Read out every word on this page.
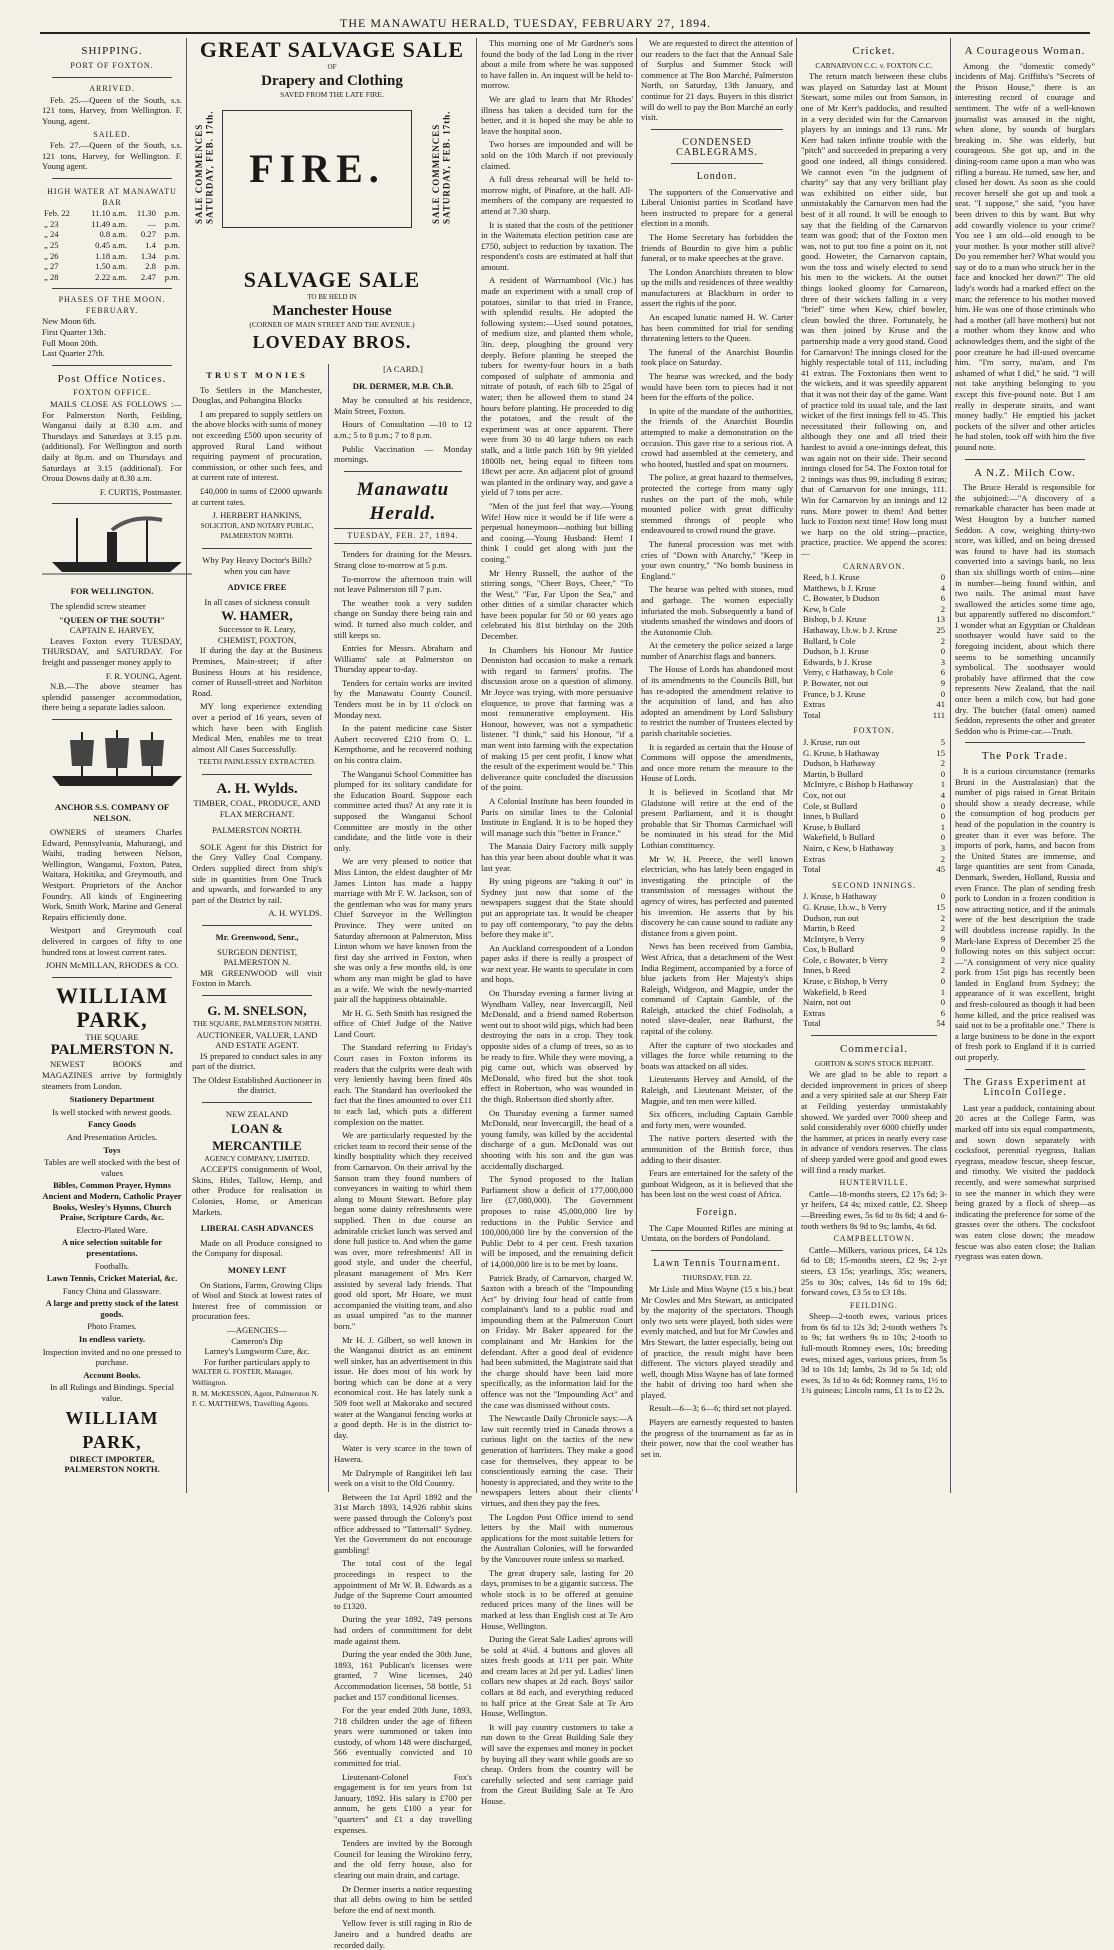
THE MANAWATU HERALD, TUESDAY, FEBRUARY 27, 1894.
SHIPPING.
PORT OF FOXTON.
ARRIVED.

Feb. 25.—Queen of the South, s.s. 121 tons, Harvey, from Wellington. F. Young, agent.

SAILED.

Feb. 27.—Queen of the South, s.s. 121 tons, Harvey, for Wellington. F. Young agent.

HIGH WATER AT MANAWATU BAR
Feb. 22	11.10 a.m.	11.30	p.m.
„ 23	11.49 a.m.	—	p.m.
„ 24	0.8 a.m.	0.27	p.m.
„ 25	0.45 a.m.	1.4	p.m.
„ 26	1.18 a.m.	1.34	p.m.
„ 27	1.50 a.m.	2.8	p.m.
„ 28	2.22 a.m.	2.47	p.m.
PHASES OF THE MOON.
FEBRUARY.
New Moon 6th.
First Quarter 13th.
Full Moon 20th.
Last Quarter 27th.
Post Office Notices.
FOXTON OFFICE.

MAILS CLOSE AS FOLLOWS :— For Palmerston North, Feilding, Wanganui daily at 8.30 a.m. and Thursdays and Saturdays at 3.15 p.m. (additional). For Wellington and north daily at 8p.m. and on Thursdays and Saturdays at 3.15 (additional). For Oroua Downs daily at 8.30 a.m.

F. CURTIS, Postmaster.
FOR WELLINGTON.

The splendid screw steamer

"QUEEN OF THE SOUTH"
CAPTAIN E. HARVEY,

Leaves Foxton every TUESDAY, THURSDAY, and SATURDAY. For freight and passenger money apply to

F. R. YOUNG, Agent.

N.B.—The above steamer has splendid passenger accommodation, there being a separate ladies saloon.

ANCHOR S.S. COMPANY OF NELSON.

OWNERS of steamers Charles Edward, Pennsylvania, Mahurangi, and Waihi, trading between Nelson, Wellington, Wanganui, Foxton, Patea, Waitara, Hokitika, and Greymouth, and Westport. Proprietors of the Anchor Foundry. All kinds of Engineering Work, Smith Work, Marine and General Repairs efficiently done.

Westport and Greymouth coal delivered in cargoes of fifty to one hundred tons at lowest current rates.

JOHN McMILLAN, RHODES & CO.
WILLIAM PARK,
THE SQUARE
PALMERSTON N.

NEWEST BOOKS and MAGAZINES arrive by fortnightly steamers from London.

Stationery Department
Is well stocked with newest goods.
Fancy Goods
And Presentation Articles.
Toys
Tables are well stocked with the best of values
Bibles, Common Prayer, Hymns Ancient and Modern, Catholic Prayer Books, Wesley's Hymns, Church Praise, Scripture Cards, &c.
Electro-Plated Ware.
A nice selection suitable for presentations.
Footballs.
Lawn Tennis, Cricket Material, &c.
Fancy China and Glassware.
A large and pretty stock of the latest goods.
Photo Frames.
In endless variety.
Inspection invited and no one pressed to purchase.
Account Books.
In all Rulings and Bindings. Special value.
WILLIAM PARK,
DIRECT IMPORTER,
PALMERSTON NORTH.
GREAT SALVAGE SALE
OF
Drapery and Clothing
SAVED FROM THE LATE FIRE.
SALE COMMENCES SATURDAY, FEB. 17th. FIRE.	SALE COMMENCES SATURDAY, FEB. 17th.
SALVAGE SALE
TO BE HELD IN
Manchester House
(CORNER OF MAIN STREET AND THE AVENUE.)
LOVEDAY BROS.
TRUST MONIES

To Settlers in the Manchester, Douglas, and Pohangina Blocks

I am prepared to supply settlers on the above blocks with sums of money not exceeding £500 upon security of approved Rural Land without requiring payment of procuration, commission, or other such fees, and at current rate of interest.

£40,000 in sums of £2000 upwards at current rates.

J. HERBERT HANKINS,
SOLICITOR, AND NOTARY PUBLIC,
PALMERSTON NORTH.
Why Pay Heavy Doctor's Bills? when you can have
ADVICE FREE
In all cases of sickness consult
W. HAMER,
Successor to R. Leary,
CHEMIST, FOXTON,

If during the day at the Business Premises, Main-street; if after Business Hours at his residence, corner of Russell-street and Norbiton Road.

MY long experience extending over a period of 16 years, seven of which have been with English Medical Men, enables me to treat almost All Cases Successfully.

TEETH PAINLESSLY EXTRACTED.
A. H. Wylds.
TIMBER, COAL, PRODUCE, AND FLAX MERCHANT.
PALMERSTON NORTH.

SOLE Agent for this District for the Grey Valley Coal Company. Orders supplied direct from ship's side in quantities from One Truck and upwards, and forwarded to any part of the District by rail.

A. H. WYLDS.
Mr. Greenwood, Senr.,
SURGEON DENTIST,
PALMERSTON N.

MR GREENWOOD will visit Foxton in March.

G. M. SNELSON,
THE SQUARE, PALMERSTON NORTH.
AUCTIONEER, VALUER, LAND AND ESTATE AGENT.

IS prepared to conduct sales in any part of the district.

The Oldest Established Auctioneer in the district.
NEW ZEALAND
LOAN & MERCANTILE
AGENCY COMPANY, LIMITED.

ACCEPTS consignments of Wool, Skins, Hides, Tallow, Hemp, and other Produce for realisation in Colonies, Home, or American Markets.

LIBERAL CASH ADVANCES

Made on all Produce consigned to the Company for disposal.

MONEY LENT

On Stations, Farms, Growing Clips of Wool and Stock at lowest rates of Interest free of commission or procuration fees.

—AGENCIES—
Cameron's Dip
Larney's Lungworm Cure, &c.
For further particulars apply to
WALTER G. FOSTER, Manager, Wellington.
R. M. McKESSON, Agent, Palmerston N.
F. C. MATTHEWS, Travelling Agents.
[A CARD.]
DR. DERMER, M.B. Ch.B.

May be consulted at his residence, Main Street, Foxton.

Hours of Consultation —10 to 12 a.m.; 5 to 8 p.m.; 7 to 8 p.m.

Public Vaccination — Monday mornings.

Manawatu Herald.
TUESDAY, FEB. 27, 1894.

Tenders for draining for the Messrs. Strang close to-morrow at 5 p.m.

To-morrow the afternoon train will not leave Palmerston till 7 p.m.

The weather took a very sudden change on Sunday there being rain and wind. It turned also much colder, and still keeps so.

Entries for Messrs. Abraham and Williams' sale at Palmerston on Thursday appear to-day.

Tenders for certain works are invited by the Manawatu County Council. Tenders must be in by 11 o'clock on Monday next.

In the patent medicine case Sister Aubert recovered £210 from O. L. Kempthorne, and he recovered nothing on his contra claim.

The Wanganui School Committee has plumped for its solitary candidate for the Education Board. Suppose each committee acted thus? At any rate it is supposed the Wanganui School Committee are mostly in the other candidate, and the little vote is their only.

We are very pleased to notice that Miss Linton, the eldest daughter of Mr James Linton has made a happy marriage with Mr F. W. Jackson, son of the gentleman who was for many years Chief Surveyor in the Wellington Province. They were united on Saturday afternoon at Palmerston, Miss Linton whom we have known from the first day she arrived in Foxton, when she was only a few months old, is one whom any man might be glad to have as a wife. We wish the newly-married pair all the happiness obtainable.

Mr H. G. Seth Smith has resigned the office of Chief Judge of the Native Land Court.

The Standard referring to Friday's Court cases in Foxton informs its readers that the culprits were dealt with very leniently having been fined 40s each. The Standard has overlooked the fact that the fines amounted to over £11 to each lad, which puts a different complexion on the matter.

We are particularly requested by the cricket team to record their sense of the kindly hospitality which they received from Carnarvon. On their arrival by the Sanson tram they found numbers of conveyances in waiting to whirl them along to Mount Stewart. Before play began some dainty refreshments were supplied. Then in due course an admirable cricket lunch was served and done full justice to. And when the game was over, more refreshments! All in good style, and under the cheerful, pleasant management of Mrs Kerr assisted by several lady friends. That good old sport, Mr Hoare, we must accompanied the visiting team, and also as usual umpired "as to the manner born."

Mr H. J. Gilbert, so well known in the Wanganui district as an eminent well sinker, has an advertisement in this issue. He does most of his work by boring which can be done at a very economical cost. He has lately sunk a 509 foot well at Makorako and secured water at the Wanganui fencing works at a good depth. He is in the district to-day.

Water is very scarce in the town of Hawera.

Mr Dalrymple of Rangitikei left last week on a visit to the Old Country.

Between the 1st April 1892 and the 31st March 1893, 14,926 rabbit skins were passed through the Colony's post office addressed to "Tattersall" Sydney. Yet the Government do not encourage gambling!

The total cost of the legal proceedings in respect to the appointment of Mr W. B. Edwards as a Judge of the Supreme Court amounted to £1320.

During the year 1892, 749 persons had orders of committment for debt made against them.

During the year ended the 30th June, 1893, 161 Publican's licenses were granted, 7 Wine licenses, 240 Accommodation licenses, 58 bottle, 51 packet and 157 conditional licenses.

For the year ended 20th June, 1893, 718 children under the age of fifteen years were summoned or taken into custody, of whom 148 were discharged, 566 eventually convicted and 10 committed for trial.

Lieutenant-Colonel Fox's engagement is for ten years from 1st January, 1892. His salary is £700 per annum, he gets £100 a year for "quarters" and £1 a day travelling expenses.

Tenders are invited by the Borough Council for leasing the Wirokino ferry, and the old ferry house, also for clearing out main drain, and cartage.

Dr Dermer inserts a notice requesting that all debts owing to him be settled before the end of next month.

Yellow fever is still raging in Rio de Janeiro and a hundred deaths are recorded daily.

This morning one of Mr Gardner's sons found the body of the lad Long in the river about a mile from where he was supposed to have fallen in. An inquest will be held to-morrow.

We are glad to learn that Mr Rhodes' illness has taken a decided turn for the better, and it is hoped she may be able to leave the hospital soon.

Two horses are impounded and will be sold on the 10th March if not previously claimed.

A full dress rehearsal will be held to-morrow night, of Pinafore, at the hall. All-members of the company are requested to attend at 7.30 sharp.

It is stated that the costs of the petitioner in the Waitemata election petition case are £750, subject to reduction by taxation. The respondent's costs are estimated at half that amount.

A resident of Warrnambool (Vic.) has made an experiment with a small crop of potatoes, similar to that tried in France, with splendid results. He adopted the following system:—Used sound potatoes, of medium size, and planted them whole, 3in. deep, ploughing the ground very deeply. Before planting he steeped the tubers for twenty-four hours in a bath composed of sulphate of ammonia and nitrate of potash, of each 6lb to 25gal of water; then he allowed them to stand 24 hours before planting. He proceeded to dig the potatoes, and the result of the experiment was at once apparent. There were from 30 to 40 large tubers on each stalk, and a little patch 16ft by 9ft yielded 1800lb net, being equal to fifteen tons 18cwt per acre. An adjacent plot of ground was planted in the ordinary way, and gave a yield of 7 tons per acre.

"Men of the just feel that way.—Young Wife! How nice it would be if life were a perpetual honeymoon—nothing but billing and cooing.—Young Husband: Hem! I think I could get along with just the cooing."

Mr Henry Russell, the author of the stirring songs, "Cheer Boys, Cheer," "To the West," "Far, Far Upon the Sea," and other ditties of a similar character which have been popular for 50 or 60 years ago celebrated his 81st birthday on the 20th December.

In Chambers his Honour Mr Justice Denniston had occasion to make a remark with regard to farmers' profits. The discussion arose on a question of alimony. Mr Joyce was trying, with more persuasive eloquence, to prove that farming was a most remunerative employment. His Honour, however, was not a sympathetic listener. "I think," said his Honour, "if a man went into farming with the expectation of making 15 per cent profit, I know what the result of the experiment would be." This deliverance quite concluded the discussion of the point.

A Colonial Institute has been founded in Paris on similar lines to the Colonial Institute in England. It is to be hoped they will manage such this "better in France."

The Manaia Dairy Factory milk supply has this year been about double what it was last year.

By using pigeons are "taking it out" in Sydney just now that some of the newspapers suggest that the State should put an appropriate tax. It would be cheaper to pay off contemporary, "to pay the debts before they make it".

An Auckland correspondent of a London paper asks if there is really a prospect of war next year. He wants to speculate in corn and hops.

On Thursday evening a farmer living at Wyndham Valley, near Invercargill, Neil McDonald, and a friend named Robertson went out to shoot wild pigs, which had been destroying the oats in a crop. They took opposite sides of a clump of trees, so as to be ready to fire. While they were moving, a pig came out, which was observed by McDonald, who fired but the shot took effect in Robertson, who was wounded in the thigh. Robertson died shortly after.

On Thursday evening a farmer named McDonald, near Invercargill, the head of a young family, was killed by the accidental discharge of a gun. McDonald was out shooting with his son and the gun was accidentally discharged.

The Synod proposed to the Italian Parliament show a deficit of 177,000,000 lire (£7,080,000). The Government proposes to raise 45,000,000 lire by reductions in the Public Service and 100,000,000 lire by the conversion of the Public Debt to 4 per cent. Fresh taxation will be imposed, and the remaining deficit of 14,000,000 lire is to be met by loans.

Patrick Brady, of Carnarvon, charged W. Saxton with a breach of the "Impounding Act" by driving four head of cattle from complainant's land to a public road and impounding them at the Palmerston Court on Friday. Mr Baker appeared for the complainant and Mr Hankins for the defendant. After a good deal of evidence had been submitted, the Magistrate said that the charge should have been laid more specifically, as the information laid for the offence was not the "Impounding Act" and the case was dismissed without costs.

The Newcastle Daily Chronicle says:—A law suit recently tried in Canada throws a curious light on the tactics of the new generation of barristers. They make a good case for themselves, they appear to be conscientiously earning the case. Their honesty is appreciated, and they write to the newspapers letters about their clients' virtues, and then they pay the fees.

The Logdon Post Office intend to send letters by the Mail with numerous applications for the most suitable letters for the Australian Colonies, will be forwarded by the Vancouver route unless so marked.

The great drapery sale, lasting for 20 days, promises to be a gigantic success. The whole stock is to be offered at genuine reduced prices many of the lines will be marked at less than English cost at Te Aro House, Wellington.

During the Great Sale Ladies' aprons will be sold at 4¼d. 4 buttons and gloves all sizes fresh goods at 1/11 per pair. White and cream laces at 2d per yd. Ladies' linen collars new shapes at 2d each. Boys' sailor collars at 8d each, and everything reduced to half price at the Great Sale at Te Aro House, Wellington.

It will pay country customers to take a run down to the Great Building Sale they will save the expenses and money in pocket by buying all they want while goods are so cheap. Orders from the country will be carefully selected and sent carriage paid from the Great Building Sale at Te Aro House.

We are requested to direct the attention of our readers to the fact that the Annual Sale of Surplus and Summer Stock will commence at The Bon Marché, Palmerston North, on Saturday, 13th January, and continue for 21 days. Buyers in this district will do well to pay the Bon Marché an early visit.

CONDENSED CABLEGRAMS.
London.

The supporters of the Conservative and Liberal Unionist parties in Scotland have been instructed to prepare for a general election in a month.

The Home Secretary has forbidden the friends of Bourdin to give him a public funeral, or to make speeches at the grave.

The London Anarchists threaten to blow up the mills and residences of three wealthy manufacturers at Blackburn in order to assert the rights of the poor.

An escaped lunatic named H. W. Carter has been committed for trial for sending threatening letters to the Queen.

The funeral of the Anarchist Bourdin took place on Saturday.

The hearse was wrecked, and the body would have been torn to pieces had it not been for the efforts of the police.

In spite of the mandate of the authorities, the friends of the Anarchist Bourdin attempted to make a demonstration on the occasion. This gave rise to a serious riot. A crowd had assembled at the cemetery, and who hooted, hustled and spat on mourners.

The police, at great hazard to themselves, protected the cortege from many ugly rushes on the part of the mob, while mounted police with great difficulty stemmed throngs of people who endeavoured to crowd round the grave.

The funeral procession was met with cries of "Down with Anarchy," "Keep in your own country," "No bomb business in England."

The hearse was pelted with stones, mud and garbage. The women especially infuriated the mob. Subsequently a band of students smashed the windows and doors of the Autonomie Club.

At the cemetery the police seized a large number of Anarchist flags and banners.

The House of Lords has abandoned most of its amendments to the Councils Bill, but has re-adopted the amendment relative to the acquisition of land, and has also adopted an amendment by Lord Salisbury to restrict the number of Trustees elected by parish charitable societies.

It is regarded as certain that the House of Commons will oppose the amendments, and once more return the measure to the House of Lords.

It is believed in Scotland that Mr Gladstone will retire at the end of the present Parliament, and it is thought probable that Sir Thomas Carmichael will be nominated in his stead for the Mid Lothian constituency.

Mr W. H. Preece, the well known electrician, who has lately been engaged in investigating the principle of the transmission of messages without the agency of wires, has perfected and patented his invention. He asserts that by his discovery he can cause sound to radiate any distance from a given point.

News has been received from Gambia, West Africa, that a detachment of the West India Regiment, accompanied by a force of blue jackets from Her Majesty's ships Raleigh, Widgeon, and Magpie, under the command of Captain Gamble, of the Raleigh, attacked the chief Fodisolah, a noted slave-dealer, near Bathurst, the capital of the colony.

After the capture of two stockades and villages the force while returning to the boats was attacked on all sides.

Lieutenants Hervey and Arnold, of the Raleigh, and Lieutenant Meister, of the Magpie, and ten men were killed.

Six officers, including Captain Gamble and forty men, were wounded.

The native porters deserted with the ammunition of the British force, thus adding to their disaster.

Fears are entertained for the safety of the gunboat Widgeon, as it is believed that she has been lost on the west coast of Africa.

Foreign.

The Cape Mounted Rifles are mining at Umtata, on the borders of Pondoland.

Lawn Tennis Tournament.
THURSDAY, FEB. 22.

Mr Lisle and Miss Wayne (15 x bis.) beat Mr Cowles and Mrs Stewart, as anticipated by the majority of the spectators. Though only two sets were played, both sides were evenly matched, and but for Mr Cowles and Mrs Stewart, the latter especially, being out of practice, the result might have been different. The victors played steadily and well, though Miss Wayne has of late formed the habit of driving too hard when she played.

Result—6—3; 6—6; third set not played.

Players are earnestly requested to hasten the progress of the tournament as far as in their power, now that the cool weather has set in.

Cricket.
CARNARVON C.C. v. FOXTON C.C.

The return match between these clubs was played on Saturday last at Mount Stewart, some miles out from Sanson, in one of Mr Kerr's paddocks, and resulted in a very decided win for the Carnarvon players by an innings and 13 runs. Mr Kerr had taken infinite trouble with the "pitch" and succeeded in preparing a very good one indeed, all things considered. We cannot even "in the judgment of charity" say that any very brilliant play was exhibited on either side, but unmistakably the Carnarvon men had the best of it all round. It will be enough to say that the fielding of the Carnarvon team was good; that of the Foxton men was, not to put too fine a point on it, not good. Howeter, the Carnarvon captain, won the toss and wisely elected to send his men to the wickets. At the outset things looked gloomy for Carnarvon, three of their wickets falling in a very "brief" time when Kew, chief bowler, clean bowled the three. Fortunately, he was then joined by Kruse and the partnership made a very good stand. Good for Carnarvon! The innings closed for the highly respectable total of 111, including 41 extras. The Foxtonians then went to the wickets, and it was speedily apparent that it was not their day of the game. Want of practice told its usual tale, and the last wicket of the first innings fell to 45. This necessitated their following on, and although they one and all tried their hardest to avoid a one-innings defeat, this was again not on their side. Their second innings closed for 54. The Foxton total for 2 innings was thus 99, including 8 extras; that of Carnarvon for one innings, 111. Win for Carnarvon by an innings and 12 runs. More power to them! And better luck to Foxton next time! How long must we harp on the old string—practice, practice, practice. We append the scores:—

CARNARVON.
Reed, b J. Kruse	0
Matthews, b J. Kruse	4
C. Bowater, b Dudson	6
Kew, b Cole	2
Bishop, b J. Kruse	13
Hathaway, l.b.w. b J. Kruse	25
Bullard, b Cole	2
Dudson, b J. Kruse	0
Edwards, b J. Kruse	3
Verry, c Hathaway, b Cole	6
P. Bowater, not out	9
France, b J. Kruse	0
Extras	41
Total	111
FOXTON.
J. Kruse, run out	5
G. Kruse, b Hathaway	15
Dudson, b Hathaway	2
Martin, b Bullard	0
McIntyre, c Bishop b Hathaway	1
Cox, not out	4
Cole, st Bullard	0
Innes, b Bullard	0
Kruse, b Bullard	1
Wakefield, b Bullard	0
Nairn, c Kew, b Hathaway	3
Extras	2
Total	45
SECOND INNINGS.
J. Kruse, b Hathaway	0
G. Kruse, l.b.w., b Verry	15
Dudson, run out	2
Martin, b Reed	2
McIntyre, b Verry	9
Cox, b Bullard	0
Cole, c Bowater, b Verry	2
Innes, b Reed	2
Kruse, c Bishop, b Verry	0
Wakefield, b Reed	1
Nairn, not out	0
Extras	6
Total	54
Commercial.
GORTON & SON'S STOCK REPORT.

We are glad to be able to report a decided improvement in prices of sheep and a very spirited sale at our Sheep Fair at Feilding yesterday unmistakably showed. We yarded over 7000 sheep and sold considerably over 6000 chiefly under the hammer, at prices in nearly every case in advance of vendors reserves. The class of sheep yarded were good and good ewes will find a ready market.

HUNTERVILLE.

Cattle—18-months steers, £2 17s 6d; 3-yr heifers, £4 4s; mixed cattle, £2. Sheep—Breeding ewes, 5s 6d to 8s 6d; 4 and 6-tooth wethers 8s 9d to 9s; lambs, 4s 6d.

CAMPBELLTOWN.

Cattle—Milkers, various prices, £4 12s 6d to £8; 15-months steers, £2 9s; 2-yr steers, £3 15s; yearlings, 35s; weaners, 25s to 30s; calves, 14s 6d to 19s 6d; forward cows, £3 5s to £3 18s.

FEILDING.

Sheep—2-tooth ewes, various prices from 6s 6d to 12s 3d; 2-tooth wethers 7s to 9s; fat wethers 9s to 10s; 2-tooth to full-mouth Romney ewes, 10s; breeding ewes, mixed ages, various prices, from 5s 3d to 10s 1d; lambs, 2s 3d to 5s 1d; old ewes, 3s 1d to 4s 6d; Romney rams, 1½ to 1¾ guineas; Lincoln rams, £1 1s to £2 2s.

A Courageous Woman.

Among the "domestic comedy" incidents of Maj. Griffiths's "Secrets of the Prison House," there is an interesting record of courage and sentiment. The wife of a well-known journalist was aroused in the night, when alone, by sounds of burglars breaking in. She was elderly, but courageous. She got up, and in the dining-room came upon a man who was rifling a bureau. He turned, saw her, and closed her down. As soon as she could recover herself she got up and took a seat. "I suppose," she said, "you have been driven to this by want. But why add cowardly violence to your crime? You see I am old—old enough to be your mother. Is your mother still alive? Do you remember her? What would you say or do to a man who struck her in the face and knocked her down?" The old lady's words had a marked effect on the man; the reference to his mother moved him. He was one of those criminals who had a mother (all have mothers) but not a mother whom they know and who acknowledges them, and the sight of the poor creature he had ill-used overcame him. "I'm sorry, ma'am, and I'm ashamed of what I did," he said. "I will not take anything belonging to you except this five-pound note. But I am really in desperate straits, and want money badly." He emptied his jacket pockets of the silver and other articles he had stolen, took off with him the five pound note.

A N.Z. Milch Cow.

The Bruce Herald is responsible for the subjoined:—"A discovery of a remarkable character has been made at West Hougton by a butcher named Seddon. A cow, weighing thirty-two score, was killed, and on being dressed was found to have had its stomach converted into a savings bank, no less than six shillings worth of coins—nine in number—being found within, and two nails. The animal must have swallowed the articles some time ago, but apparently suffered no discomfort." I wonder what an Egyptian or Chaldean soothsayer would have said to the foregoing incident, about which there seems to be something uncannily symbolical. The soothsayer would probably have affirmed that the cow represents New Zealand, that the nail once been a milch cow, but had gone dry. The butcher (fatal omen) named Seddon, represents the other and greater Seddon who is Prime-car.—Truth.

The Pork Trade.

It is a curious circumstance (remarks Bruni in the Australasian) that the number of pigs raised in Great Britain should show a steady decrease, while the consumption of hog products per head of the population in the country is greater than it ever was before. The imports of pork, hams, and bacon from the United States are immense, and large quantities are sent from Canada, Denmark, Sweden, Holland, Russia and even France. The plan of sending fresh pork to London in a frozen condition is now attracting notice, and if the animals were of the best description the trade will doubtless increase rapidly. In the Mark-lane Express of December 25 the following notes on this subject occur:—"A consignment of very nice quality pork from 15st pigs has recently been landed in England from Sydney; the appearance of it was excellent, bright and fresh-coloured as though it had been home killed, and the price realised was said not to be a profitable one." There is a large business to be done in the export of fresh pork to England if it is carried out properly.

The Grass Experiment at Lincoln College.

Last year a paddock, containing about 20 acres at the College Farm, was marked off into six equal compartments, and sown down separately with cocksfoot, perennial ryegrass, Italian ryegrass, meadow fescue, sheep fescue, and timothy. We visited the paddock recently, and were somewhat surprised to see the manner in which they were being grazed by a flock of sheep—as indicating the preference for some of the grasses over the others. The cocksfoot was eaten close down; the meadow fescue was also eaten close; the Italian ryegrass was eaten down.
